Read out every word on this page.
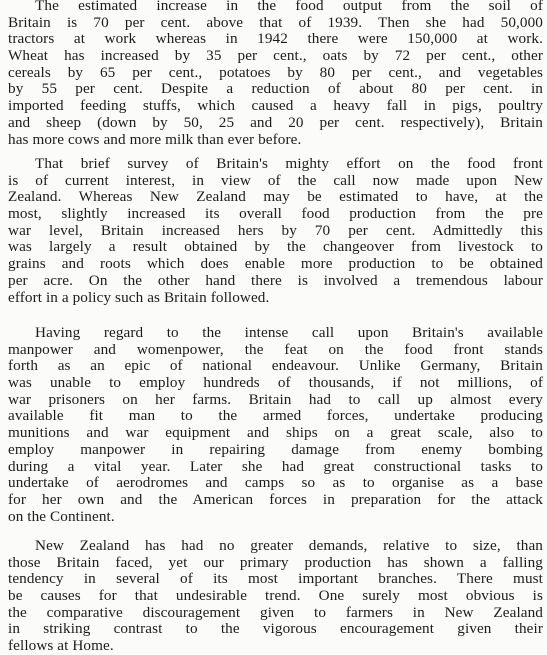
The estimated increase in the food output from the soil of
Britain is 70 per cent. above that of 1939. Then she had 50,000
tractors at work whereas in 1942 there were 150,000 at work.
Wheat has increased by 35 per cent., oats by 72 per cent., other
cereals by 65 per cent., potatoes by 80 per cent., and vegetables
by 55 per cent. Despite a reduction of about 80 per cent. in
imported feeding stuffs, which caused a heavy fall in pigs, poultry
and sheep (down by 50, 25 and 20 per cent. respectively), Britain
has more cows and more milk than ever before.
That brief survey of Britain's mighty effort on the food front
is of current interest, in view of the call now made upon New
Zealand. Whereas New Zealand may be estimated to have, at the
most, slightly increased its overall food production from the pre
war level, Britain increased hers by 70 per cent. Admittedly this
was largely a result obtained by the changeover from livestock to
grains and roots which does enable more production to be obtained
per acre. On the other hand there is involved a tremendous labour
effort in a policy such as Britain followed.
Having regard to the intense call upon Britain's available
manpower and womenpower, the feat on the food front stands
forth as an epic of national endeavour. Unlike Germany, Britain
was unable to employ hundreds of thousands, if not millions, of
war prisoners on her farms. Britain had to call up almost every
available fit man to the armed forces, undertake producing
munitions and war equipment and ships on a great scale, also to
employ manpower in repairing damage from enemy bombing
during a vital year. Later she had great constructional tasks to
undertake of aerodromes and camps so as to organise as a base
for her own and the American forces in preparation for the attack
on the Continent.
New Zealand has had no greater demands, relative to size, than
those Britain faced, yet our primary production has shown a falling
tendency in several of its most important branches. There must
be causes for that undesirable trend. One surely most obvious is
the comparative discouragement given to farmers in New Zealand
in striking contrast to the vigorous encouragement given their
fellows at Home.
